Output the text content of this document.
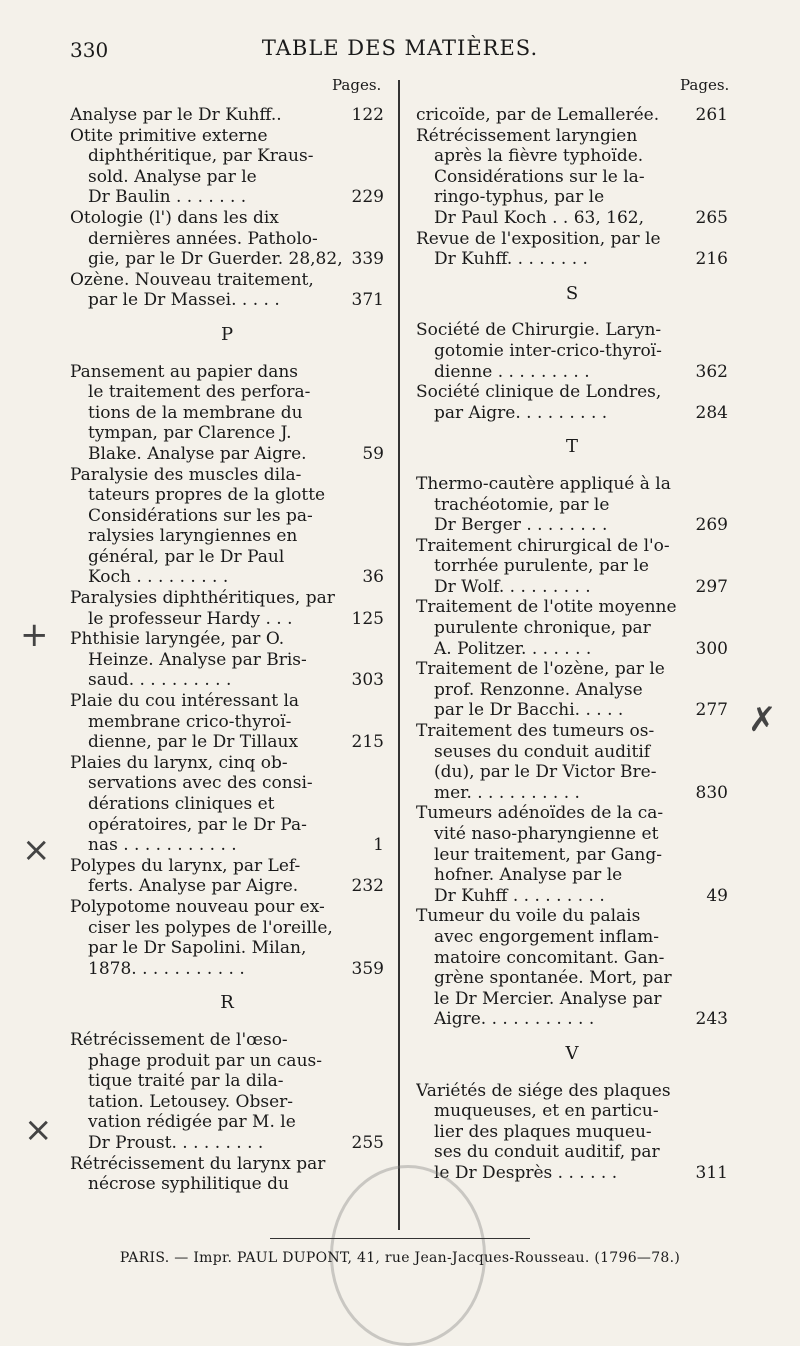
330	TABLE DES MATIÈRES.
Pages.	Pages.
Analyse par le Dr Kuhff..	122
Otite primitive externe
diphthéritique, par Kraus-
sold. Analyse par le
Dr Baulin . . . . . . .	229
Otologie (l') dans les dix
dernières années. Patholo-
gie, par le Dr Guerder. 28,82, 339
Ozène. Nouveau traitement,
par le Dr Massei. . . . .	371
P
Pansement au papier dans
le traitement des perfora-
tions de la membrane du
tympan, par Clarence J.
Blake. Analyse par Aigre.	59
Paralysie des muscles dila-
tateurs propres de la glotte
Considérations sur les pa-
ralysies laryngiennes en
général, par le Dr Paul
Koch . . . . . . . . .	36
Paralysies diphthéritiques, par
le professeur Hardy . . .	125
Phthisie laryngée, par O.
Heinze. Analyse par Bris-
saud. . . . . . . . . .	303
Plaie du cou intéressant la
membrane crico-thyroï-
dienne, par le Dr Tillaux	215
Plaies du larynx, cinq ob-
servations avec des consi-
dérations cliniques et
opératoires, par le Dr Pa-
nas . . . . . . . . . . .	1
Polypes du larynx, par Lef-
ferts. Analyse par Aigre.	232
Polypotome nouveau pour ex-
ciser les polypes de l'oreille,
par le Dr Sapolini. Milan,
1878. . . . . . . . . . .	359
R
Rétrécissement de l'œso-
phage produit par un caus-
tique traité par la dila-
tation. Letousey. Obser-
vation rédigée par M. le
Dr Proust. . . . . . . . .	255
Rétrécissement du larynx par
nécrose syphilitique du
cricoïde, par de Lemallerée. 261
Rétrécissement laryngien
après la fièvre typhoïde.
Considérations sur le la-
ringo-typhus, par le
Dr Paul Koch . . 63, 162,	265
Revue de l'exposition, par le
Dr Kuhff. . . . . . . .	216
S
Société de Chirurgie. Laryn-
gotomie inter-crico-thyroï-
dienne . . . . . . . . .	362
Société clinique de Londres,
par Aigre. . . . . . . . .	284
T
Thermo-cautère appliqué à la
trachéotomie, par le
Dr Berger . . . . . . . .	269
Traitement chirurgical de l'o-
torrhée purulente, par le
Dr Wolf. . . . . . . . .	297
Traitement de l'otite moyenne
purulente chronique, par
A. Politzer. . . . . . .	300
Traitement de l'ozène, par le
prof. Renzonne. Analyse
par le Dr Bacchi. . . . .	277
Traitement des tumeurs os-
seuses du conduit auditif
(du), par le Dr Victor Bre-
mer. . . . . . . . . . .	830
Tumeurs adénoïdes de la ca-
vité naso-pharyngienne et
leur traitement, par Gang-
hofner. Analyse par le
Dr Kuhff . . . . . . . . .	49
Tumeur du voile du palais
avec engorgement inflam-
matoire concomitant. Gan-
grène spontanée. Mort, par
le Dr Mercier. Analyse par
Aigre. . . . . . . . . . .	243
V
Variétés de siége des plaques
muqueuses, et en particu-
lier des plaques muqueu-
ses du conduit auditif, par
le Dr Desprès . . . . . .	311
+
×
×
✗
PARIS. — Impr. PAUL DUPONT, 41, rue Jean-Jacques-Rousseau. (1796—78.)
